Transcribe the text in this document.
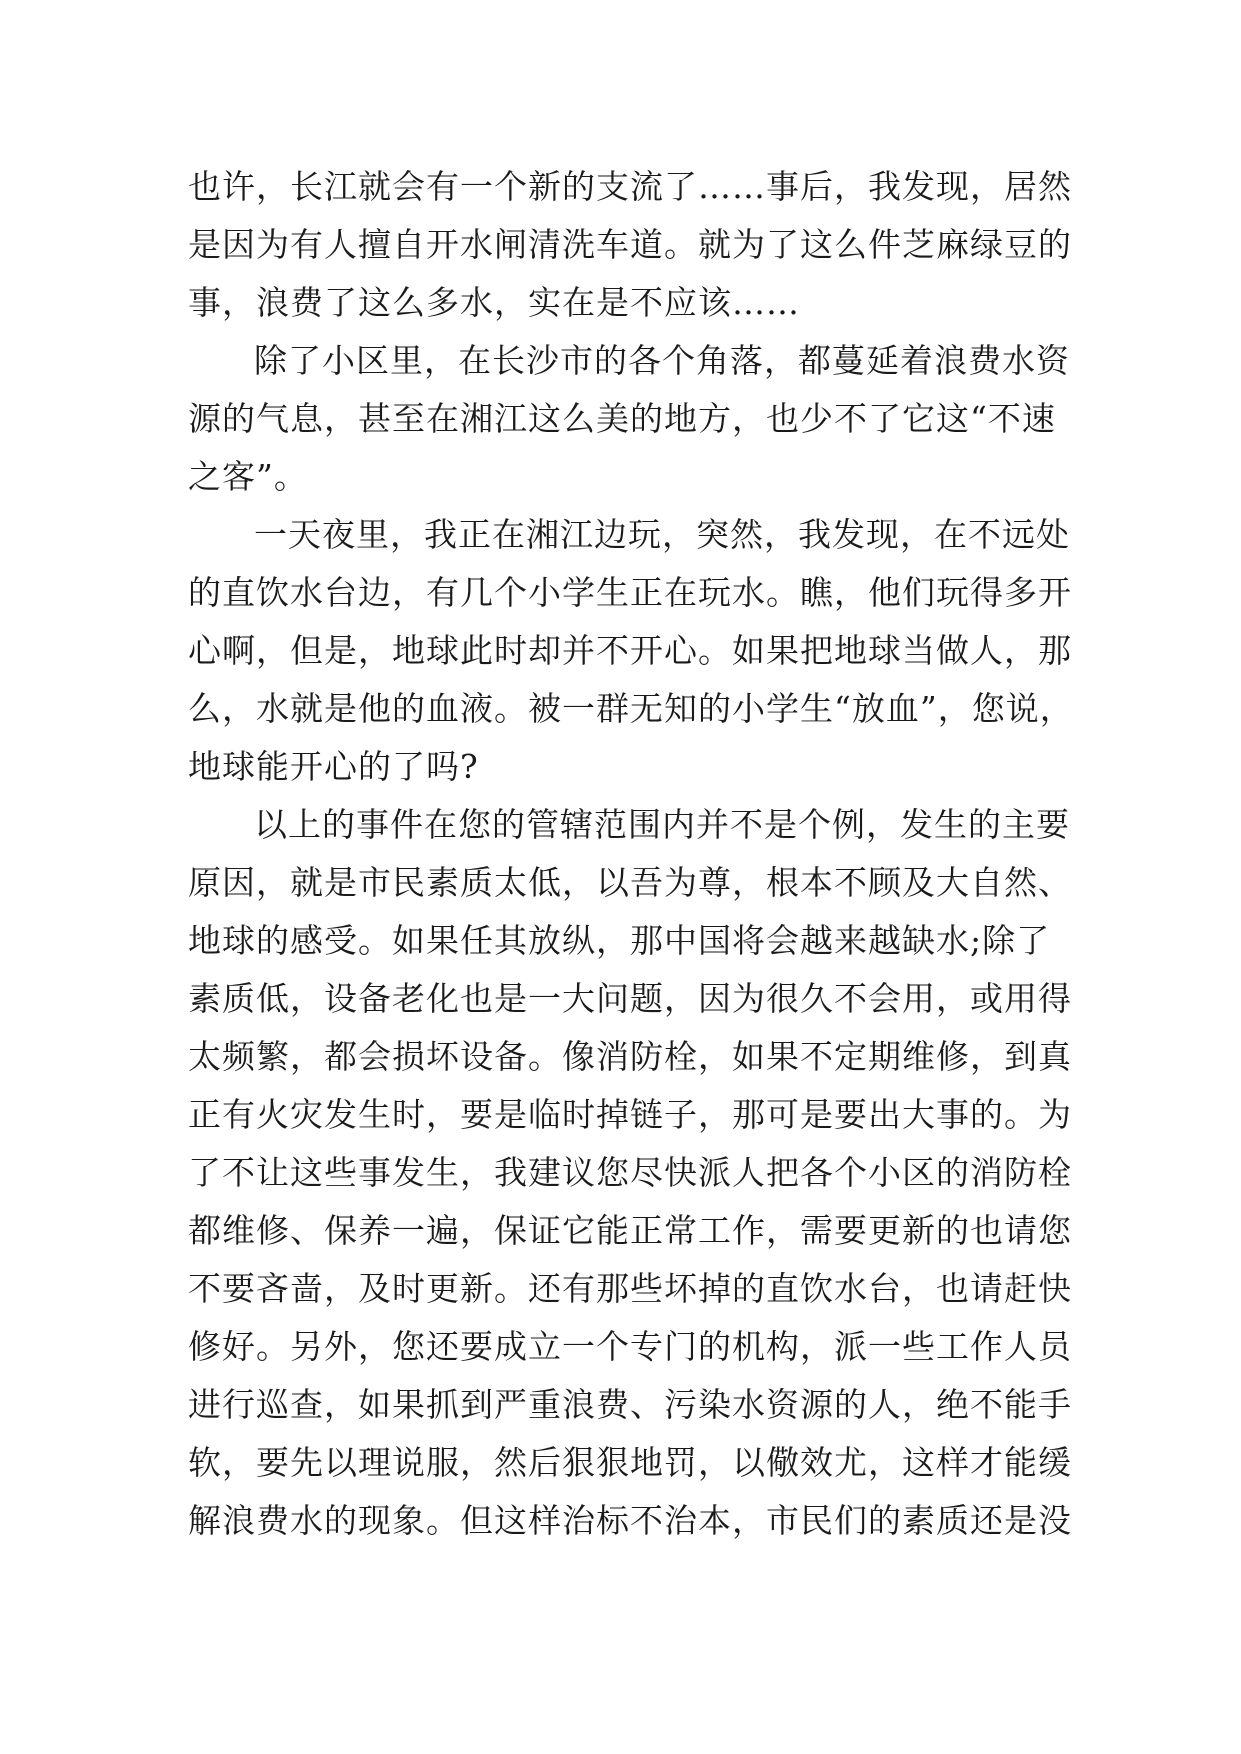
也许，长江就会有一个新的支流了……事后，我发现，居然
是因为有人擅自开水闸清洗车道。就为了这么件芝麻绿豆的
事，浪费了这么多水，实在是不应该……
除了小区里，在长沙市的各个角落，都蔓延着浪费水资
源的气息，甚至在湘江这么美的地方，也少不了它这“不速
之客”。
一天夜里，我正在湘江边玩，突然，我发现，在不远处
的直饮水台边，有几个小学生正在玩水。瞧，他们玩得多开
心啊，但是，地球此时却并不开心。如果把地球当做人，那
么，水就是他的血液。被一群无知的小学生“放血”，您说，
地球能开心的了吗?
以上的事件在您的管辖范围内并不是个例，发生的主要
原因，就是市民素质太低，以吾为尊，根本不顾及大自然、
地球的感受。如果任其放纵，那中国将会越来越缺水;除了
素质低，设备老化也是一大问题，因为很久不会用，或用得
太频繁，都会损坏设备。像消防栓，如果不定期维修，到真
正有火灾发生时，要是临时掉链子，那可是要出大事的。为
了不让这些事发生，我建议您尽快派人把各个小区的消防栓
都维修、保养一遍，保证它能正常工作，需要更新的也请您
不要吝啬，及时更新。还有那些坏掉的直饮水台，也请赶快
修好。另外，您还要成立一个专门的机构，派一些工作人员
进行巡查，如果抓到严重浪费、污染水资源的人，绝不能手
软，要先以理说服，然后狠狠地罚，以儆效尤，这样才能缓
解浪费水的现象。但这样治标不治本，市民们的素质还是没
